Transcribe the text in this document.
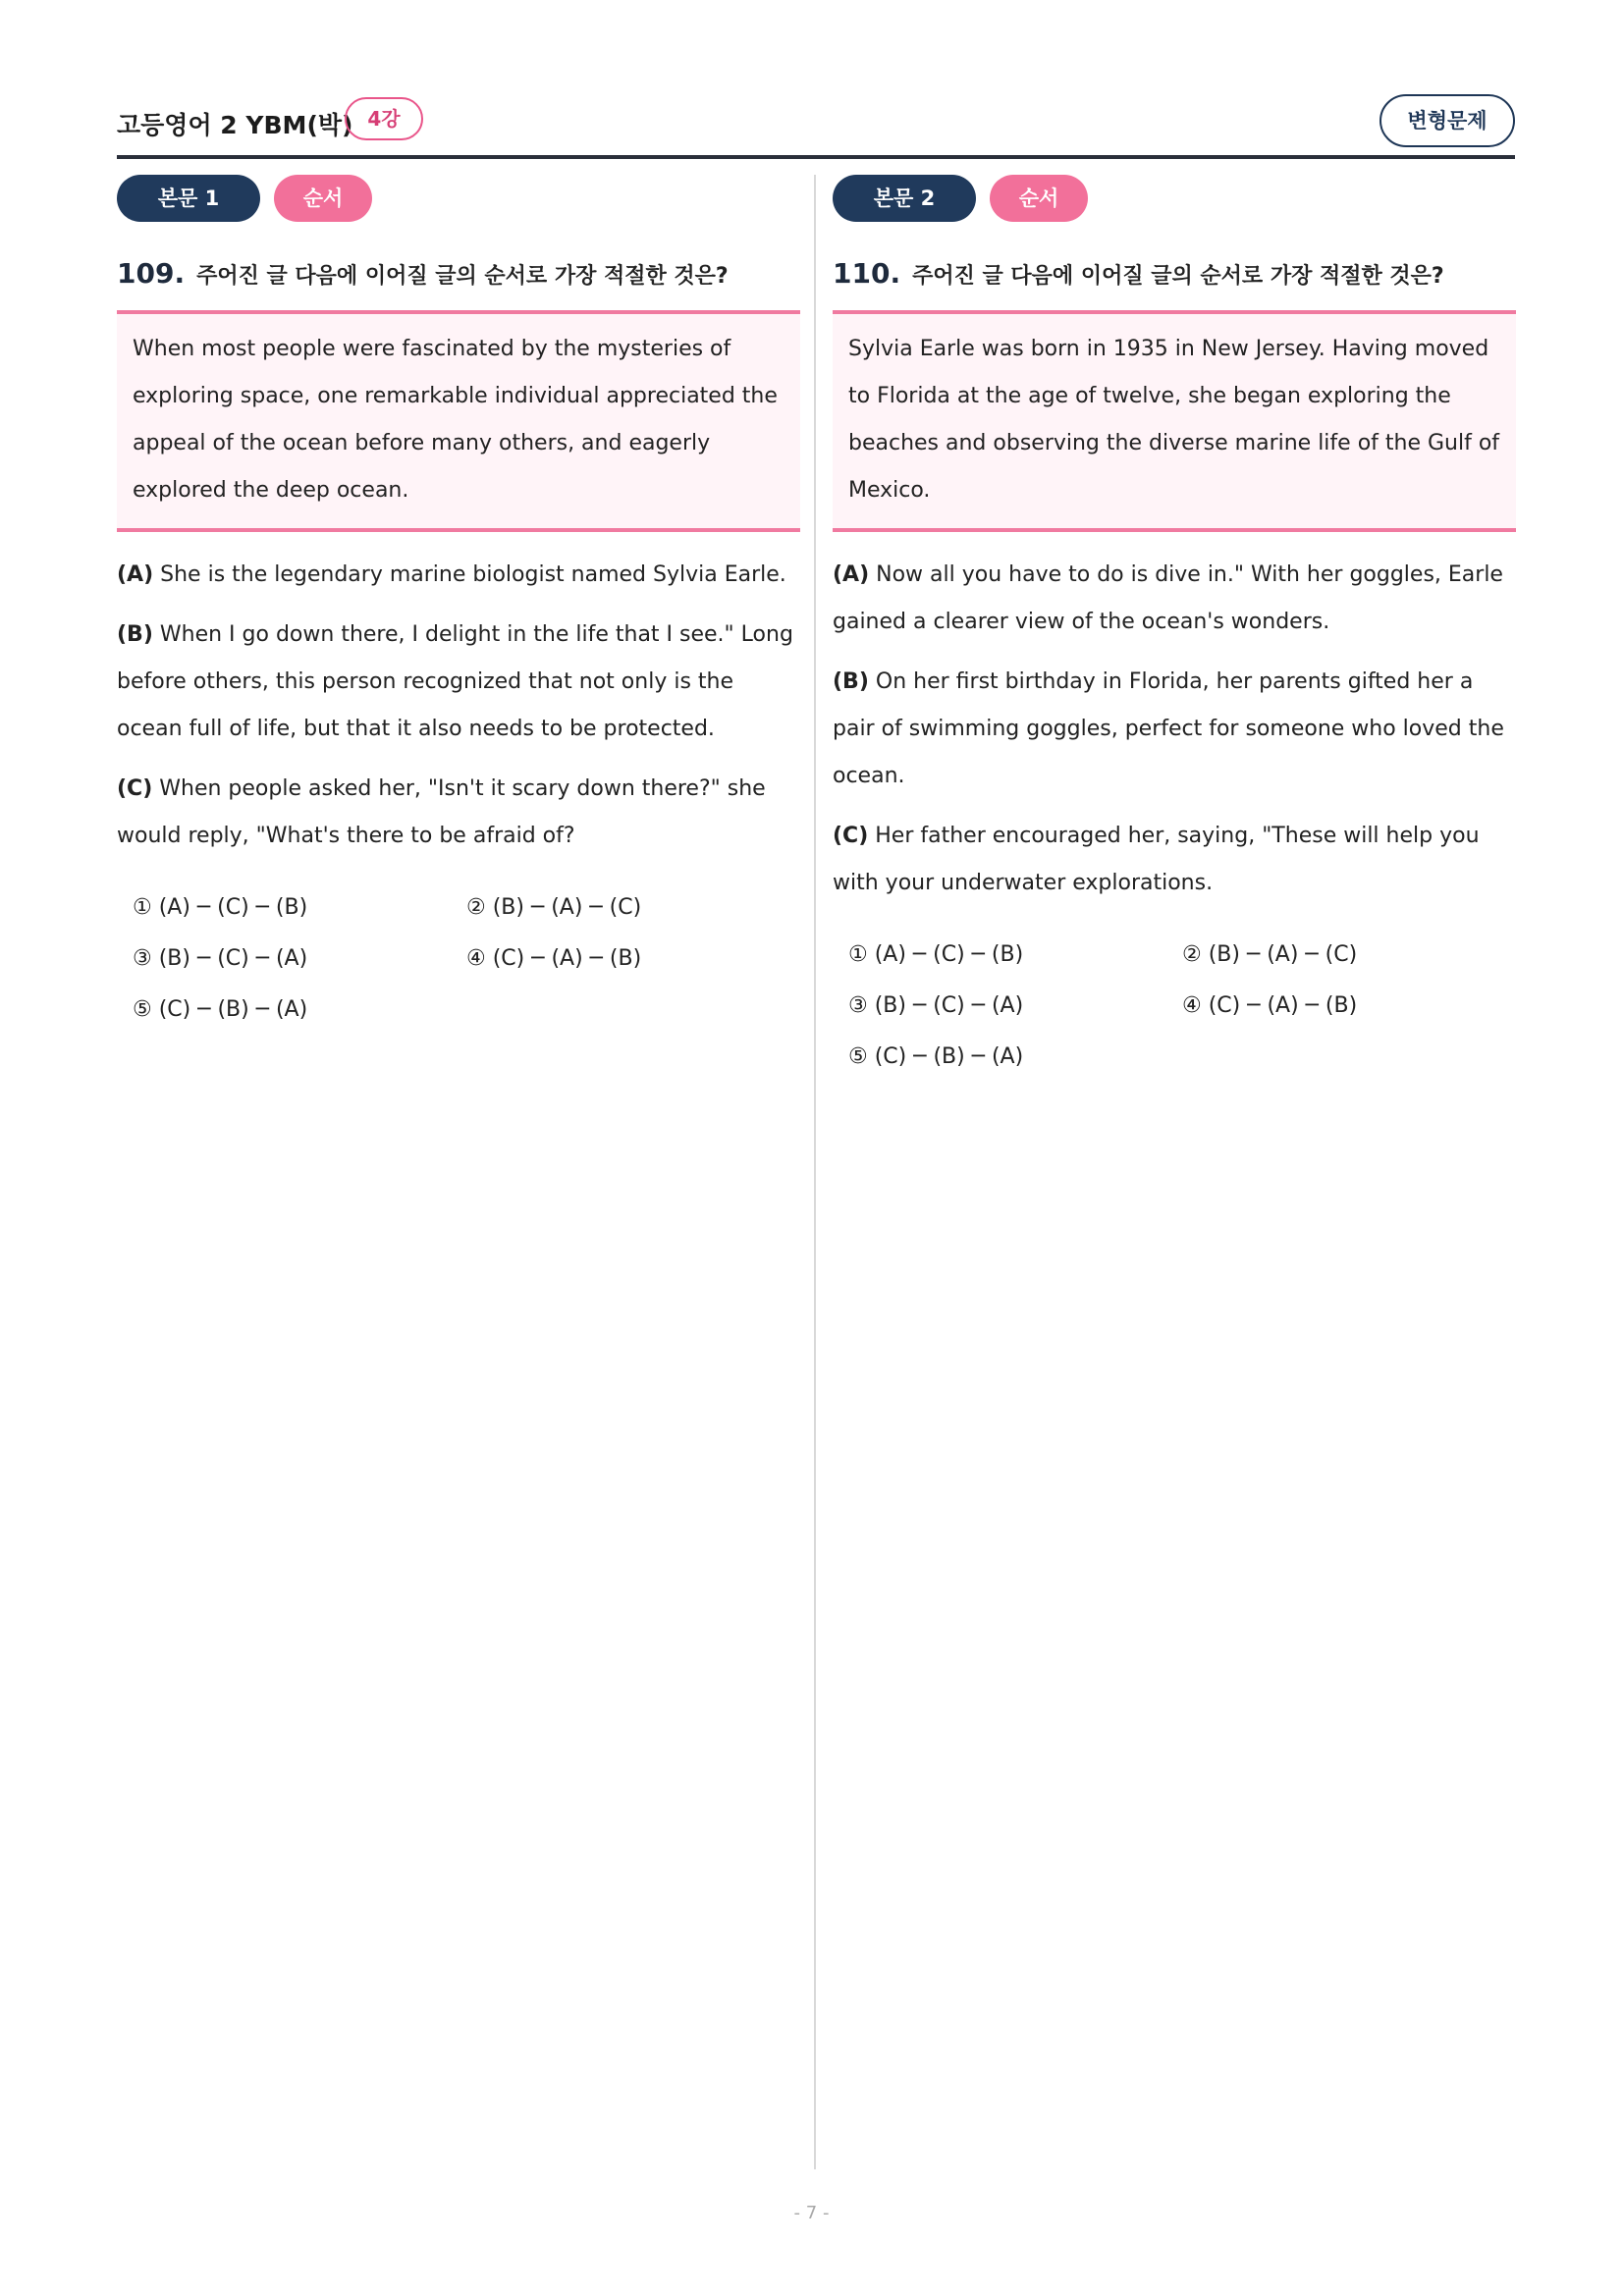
고등영어 2 YBM(박) 4강	변형문제
본문 1	순서
109. 주어진 글 다음에 이어질 글의 순서로 가장 적절한 것은?
When most people were fascinated by the mysteries of exploring space, one remarkable individual appreciated the appeal of the ocean before many others, and eagerly explored the deep ocean.
(A) She is the legendary marine biologist named Sylvia Earle.
(B) When I go down there, I delight in the life that I see." Long before others, this person recognized that not only is the ocean full of life, but that it also needs to be protected.
(C) When people asked her, "Isn't it scary down there?" she would reply, "What's there to be afraid of?
① (A) ─ (C) ─ (B)	② (B) ─ (A) ─ (C)
③ (B) ─ (C) ─ (A)	④ (C) ─ (A) ─ (B)
⑤ (C) ─ (B) ─ (A)
본문 2	순서
110. 주어진 글 다음에 이어질 글의 순서로 가장 적절한 것은?
Sylvia Earle was born in 1935 in New Jersey. Having moved to Florida at the age of twelve, she began exploring the beaches and observing the diverse marine life of the Gulf of Mexico.
(A) Now all you have to do is dive in." With her goggles, Earle gained a clearer view of the ocean's wonders.
(B) On her first birthday in Florida, her parents gifted her a pair of swimming goggles, perfect for someone who loved the ocean.
(C) Her father encouraged her, saying, "These will help you with your underwater explorations.
① (A) ─ (C) ─ (B)	② (B) ─ (A) ─ (C)
③ (B) ─ (C) ─ (A)	④ (C) ─ (A) ─ (B)
⑤ (C) ─ (B) ─ (A)
- 7 -
